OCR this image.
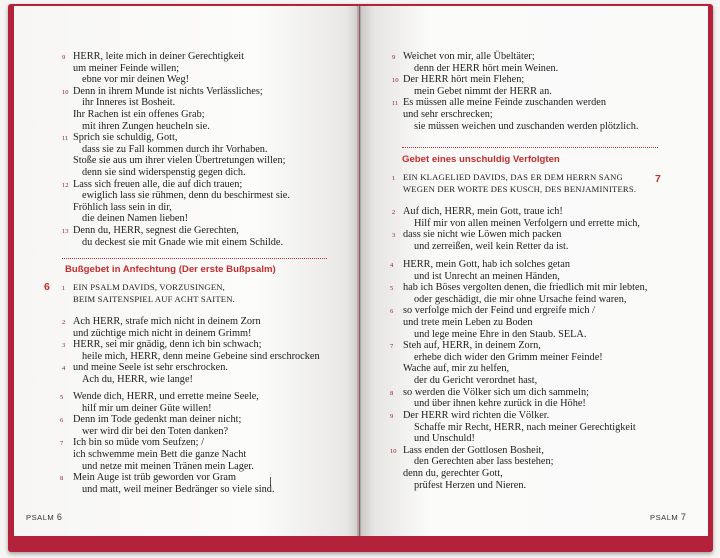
Bußgebet in Anfechtung (Der erste Bußpsalm)
6
Gebet eines unschuldig Verfolgten
7
PSALM 6	PSALM 7
9 HERR, leite mich in deiner Gerechtigkeit
um meiner Feinde willen;
ebne vor mir deinen Weg!
10 Denn in ihrem Munde ist nichts Verlässliches;
ihr Inneres ist Bosheit.
Ihr Rachen ist ein offenes Grab;
mit ihren Zungen heucheln sie.
11 Sprich sie schuldig, Gott,
dass sie zu Fall kommen durch ihr Vorhaben.
Stoße sie aus um ihrer vielen Übertretungen willen;
denn sie sind widerspenstig gegen dich.
12 Lass sich freuen alle, die auf dich trauen;
ewiglich lass sie rühmen, denn du beschirmest sie.
Fröhlich lass sein in dir,
die deinen Namen lieben!
13 Denn du, HERR, segnest die Gerechten,
du deckest sie mit Gnade wie mit einem Schilde.
1 EIN PSALM DAVIDS, VORZUSINGEN,
BEIM SAITENSPIEL AUF ACHT SAITEN.
2 Ach HERR, strafe mich nicht in deinem Zorn
und züchtige mich nicht in deinem Grimm!
3 HERR, sei mir gnädig, denn ich bin schwach;
heile mich, HERR, denn meine Gebeine sind erschrocken
4 und meine Seele ist sehr erschrocken.
Ach du, HERR, wie lange!
5 Wende dich, HERR, und errette meine Seele,
hilf mir um deiner Güte willen!
6 Denn im Tode gedenkt man deiner nicht;
wer wird dir bei den Toten danken?
7 Ich bin so müde vom Seufzen; /
ich schwemme mein Bett die ganze Nacht
und netze mit meinen Tränen mein Lager.
8 Mein Auge ist trüb geworden vor Gram
und matt, weil meiner Bedränger so viele sind.
9 Weichet von mir, alle Übeltäter;
denn der HERR hört mein Weinen.
10 Der HERR hört mein Flehen;
mein Gebet nimmt der HERR an.
11 Es müssen alle meine Feinde zuschanden werden
und sehr erschrecken;
sie müssen weichen und zuschanden werden plötzlich.
1 EIN KLAGELIED DAVIDS, DAS ER DEM HERRN SANG
WEGEN DER WORTE DES KUSCH, DES BENJAMINITERS.
2 Auf dich, HERR, mein Gott, traue ich!
Hilf mir von allen meinen Verfolgern und errette mich,
3 dass sie nicht wie Löwen mich packen
und zerreißen, weil kein Retter da ist.
4 HERR, mein Gott, hab ich solches getan
und ist Unrecht an meinen Händen,
5 hab ich Böses vergolten denen, die friedlich mit mir lebten,
oder geschädigt, die mir ohne Ursache feind waren,
6 so verfolge mich der Feind und ergreife mich /
und trete mein Leben zu Boden
und lege meine Ehre in den Staub. SELA.
7 Steh auf, HERR, in deinem Zorn,
erhebe dich wider den Grimm meiner Feinde!
Wache auf, mir zu helfen,
der du Gericht verordnet hast,
8 so werden die Völker sich um dich sammeln;
und über ihnen kehre zurück in die Höhe!
9 Der HERR wird richten die Völker.
Schaffe mir Recht, HERR, nach meiner Gerechtigkeit
und Unschuld!
10 Lass enden der Gottlosen Bosheit,
den Gerechten aber lass bestehen;
denn du, gerechter Gott,
prüfest Herzen und Nieren.
